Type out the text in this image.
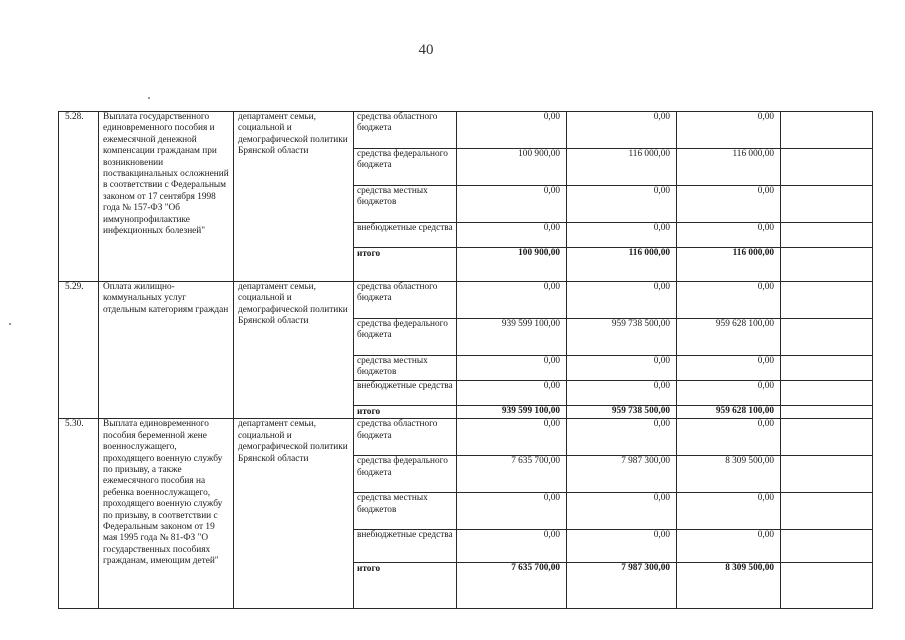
40
5.28.	Выплата государственного единовременного пособия и ежемесячной денежной компенсации гражданам при возникновении поствакцинальных осложнений в соответствии с Федеральным законом от 17 сентября 1998 года № 157-ФЗ "Об иммунопрофилактике инфекционных болезней"	департамент семьи, социальной и демографической политики Брянской области	средства областного бюджета	0,00	0,00	0,00	
			средства федерального бюджета	100 900,00	116 000,00	116 000,00	
			средства местных бюджетов	0,00	0,00	0,00	
			внебюджетные средства	0,00	0,00	0,00	
			итого	100 900,00	116 000,00	116 000,00	
5.29.	Оплата жилищно-коммунальных услуг отдельным категориям граждан	департамент семьи, социальной и демографической политики Брянской области	средства областного бюджета	0,00	0,00	0,00	
			средства федерального бюджета	939 599 100,00	959 738 500,00	959 628 100,00	
			средства местных бюджетов	0,00	0,00	0,00	
			внебюджетные средства	0,00	0,00	0,00	
			итого	939 599 100,00	959 738 500,00	959 628 100,00	
5.30.	Выплата единовременного пособия беременной жене военнослужащего, проходящего военную службу по призыву, а также ежемесячного пособия на ребенка военнослужащего, проходящего военную службу по призыву, в соответствии с Федеральным законом от 19 мая 1995 года № 81-ФЗ "О государственных пособиях гражданам, имеющим детей"	департамент семьи, социальной и демографической политики Брянской области	средства областного бюджета	0,00	0,00	0,00	
			средства федерального бюджета	7 635 700,00	7 987 300,00	8 309 500,00	
			средства местных бюджетов	0,00	0,00	0,00	
			внебюджетные средства	0,00	0,00	0,00	
			итого	7 635 700,00	7 987 300,00	8 309 500,00	
